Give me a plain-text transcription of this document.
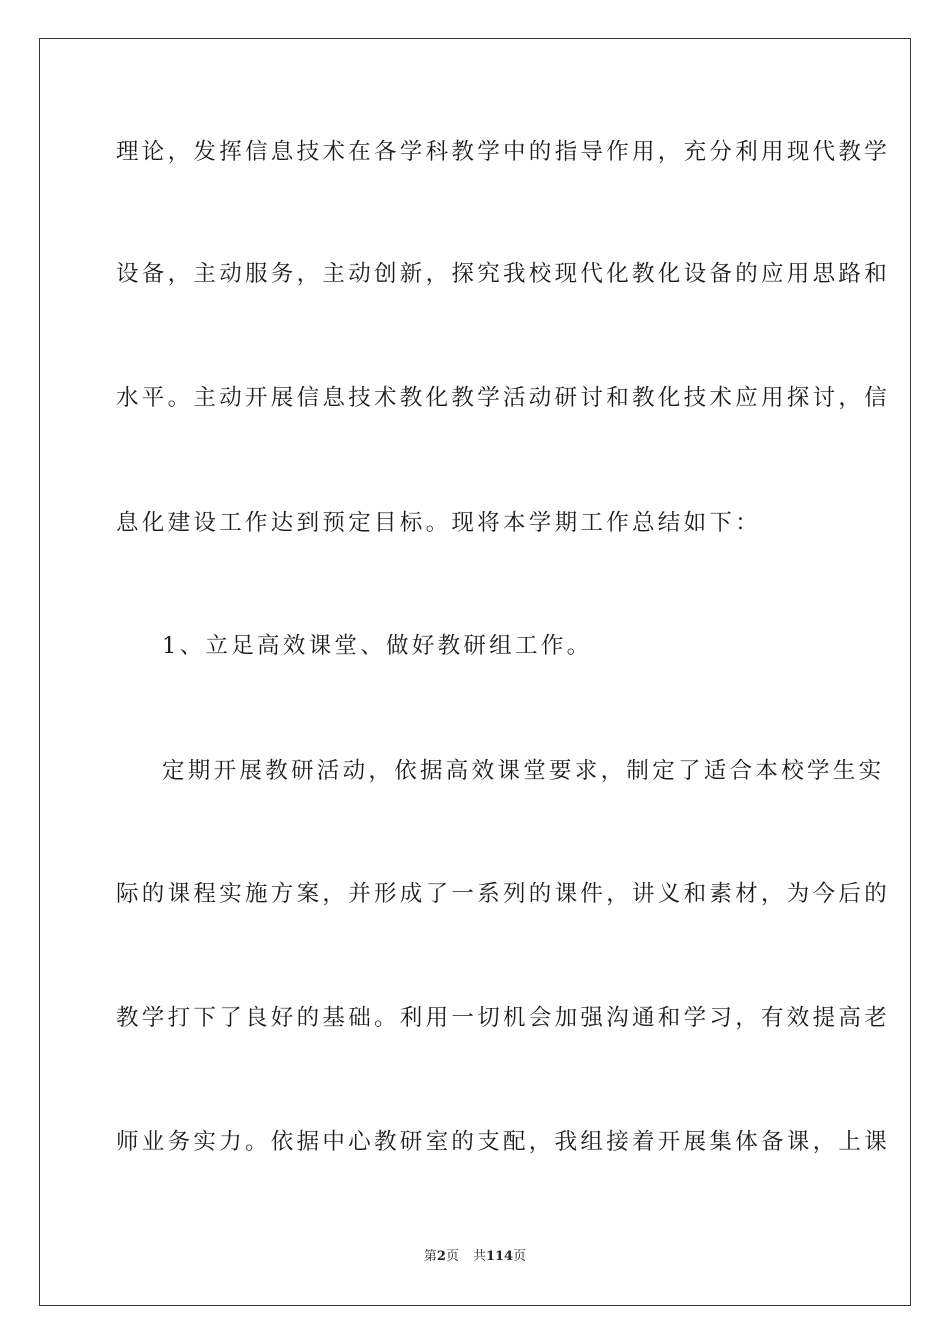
理论，发挥信息技术在各学科教学中的指导作用，充分利用现代教学
设备，主动服务，主动创新，探究我校现代化教化设备的应用思路和
水平。主动开展信息技术教化教学活动研讨和教化技术应用探讨，信
息化建设工作达到预定目标。现将本学期工作总结如下：
1、立足高效课堂、做好教研组工作。
定期开展教研活动，依据高效课堂要求，制定了适合本校学生实
际的课程实施方案，并形成了一系列的课件，讲义和素材，为今后的
教学打下了良好的基础。利用一切机会加强沟通和学习，有效提高老
师业务实力。依据中心教研室的支配，我组接着开展集体备课，上课
第2页 共114页
